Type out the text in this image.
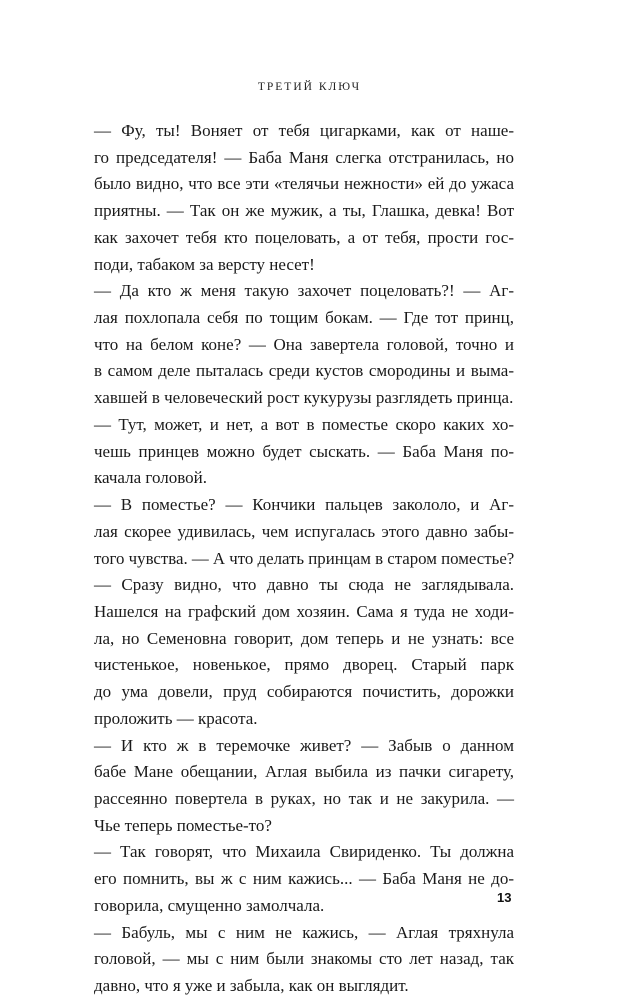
ТРЕТИЙ КЛЮЧ
— Фу, ты! Воняет от тебя цигарками, как от наше-
го председателя! — Баба Маня слегка отстранилась, но
было видно, что все эти «телячьи нежности» ей до ужаса
приятны. — Так он же мужик, а ты, Глашка, девка! Вот
как захочет тебя кто поцеловать, а от тебя, прости гос-
поди, табаком за версту несет!
— Да кто ж меня такую захочет поцеловать?! — Аг-
лая похлопала себя по тощим бокам. — Где тот принц,
что на белом коне? — Она завертела головой, точно и
в самом деле пыталась среди кустов смородины и выма-
хавшей в человеческий рост кукурузы разглядеть принца.
— Тут, может, и нет, а вот в поместье скоро каких хо-
чешь принцев можно будет сыскать. — Баба Маня по-
качала головой.
— В поместье? — Кончики пальцев закололо, и Аг-
лая скорее удивилась, чем испугалась этого давно забы-
того чувства. — А что делать принцам в старом поместье?
— Сразу видно, что давно ты сюда не заглядывала.
Нашелся на графский дом хозяин. Сама я туда не ходи-
ла, но Семеновна говорит, дом теперь и не узнать: все
чистенькое, новенькое, прямо дворец. Старый парк
до ума довели, пруд собираются почистить, дорожки
проложить — красота.
— И кто ж в теремочке живет? — Забыв о данном
бабе Мане обещании, Аглая выбила из пачки сигарету,
рассеянно повертела в руках, но так и не закурила. —
Чье теперь поместье-то?
— Так говорят, что Михаила Свириденко. Ты должна
его помнить, вы ж с ним кажись... — Баба Маня не до-
говорила, смущенно замолчала.
— Бабуль, мы с ним не кажись, — Аглая тряхнула
головой, — мы с ним были знакомы сто лет назад, так
давно, что я уже и забыла, как он выглядит.
13
